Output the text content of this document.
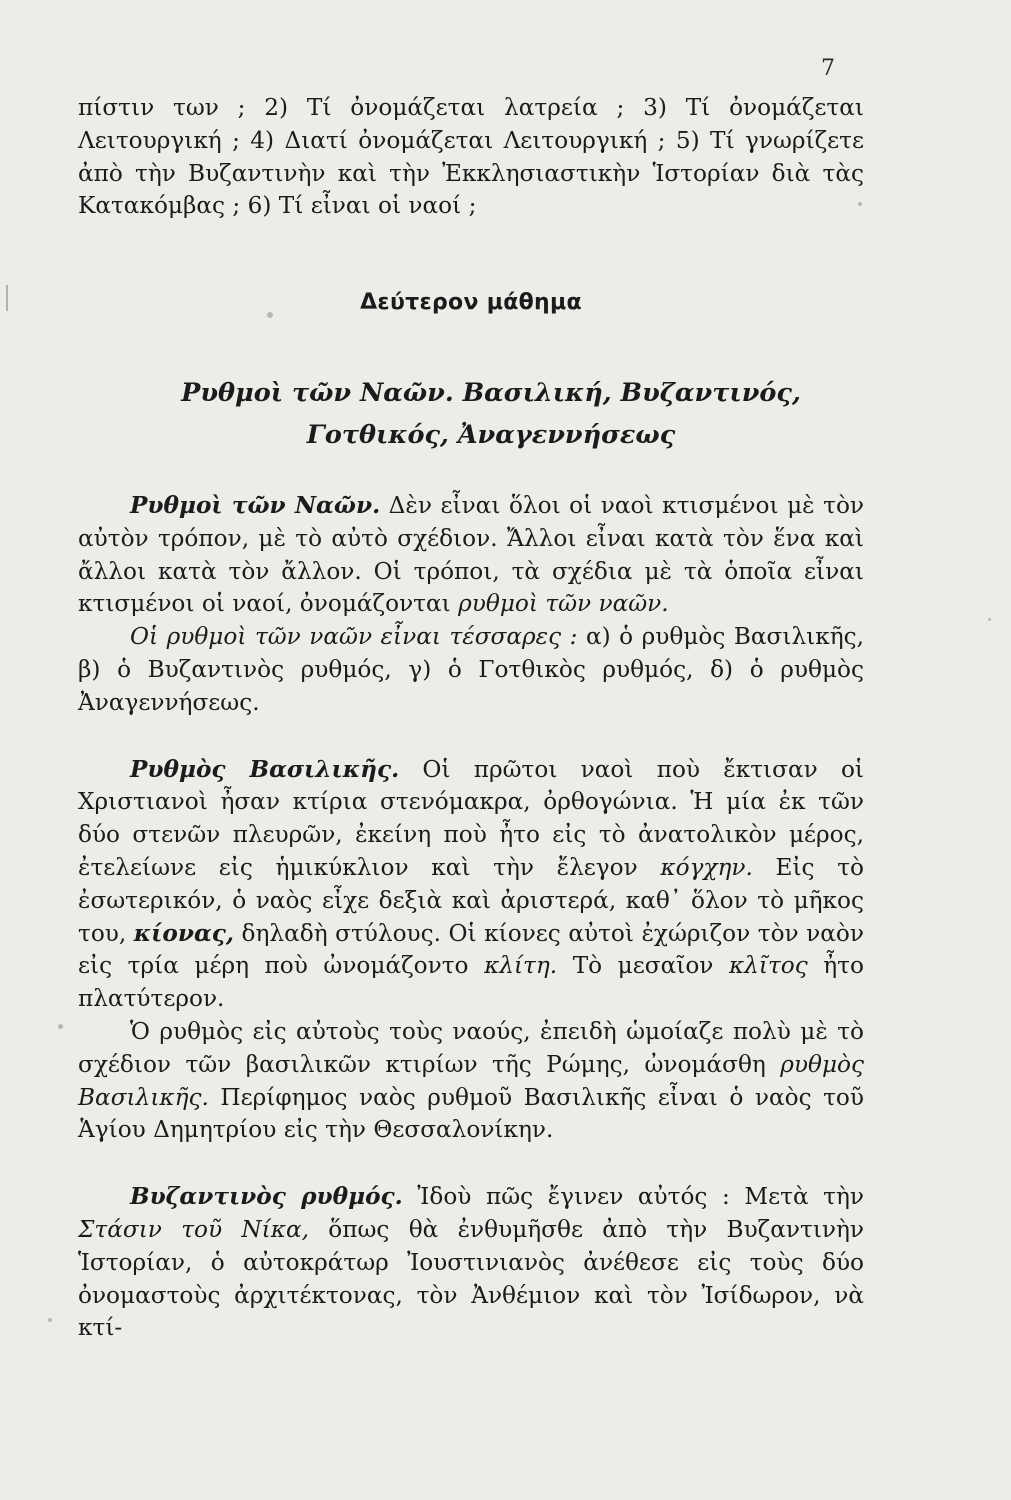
7

πίστιν των ; 2) Τί ὀνομάζεται λατρεία ; 3) Τί ὀνομάζεται Λειτουργική ; 4) Διατί ὀνομάζεται Λειτουργική ; 5) Τί γνωρίζετε ἀπὸ τὴν Βυζαντινὴν καὶ τὴν Ἐκκλησιαστικὴν Ἱστορίαν διὰ τὰς Κατακόμβας ; 6) Τί εἶναι οἱ ναοί ;

Δεύτερον μάθημα

Ρυθμοὶ τῶν Ναῶν. Βασιλική, Βυζαντινός,
Γοτθικός, Ἀναγεννήσεως

Ρυθμοὶ τῶν Ναῶν. Δὲν εἶναι ὅλοι οἱ ναοὶ κτισμένοι μὲ τὸν αὐτὸν τρόπον, μὲ τὸ αὐτὸ σχέδιον. Ἄλλοι εἶναι κατὰ τὸν ἕνα καὶ ἄλλοι κατὰ τὸν ἄλλον. Οἱ τρόποι, τὰ σχέδια μὲ τὰ ὁποῖα εἶναι κτισμένοι οἱ ναοί, ὀνομάζονται ρυθμοὶ τῶν ναῶν.

Οἱ ρυθμοὶ τῶν ναῶν εἶναι τέσσαρες : α) ὁ ρυθμὸς Βασιλικῆς, β) ὁ Βυζαντινὸς ρυθμός, γ) ὁ Γοτθικὸς ρυθμός, δ) ὁ ρυθμὸς Ἀναγεννήσεως.

Ρυθμὸς Βασιλικῆς. Οἱ πρῶτοι ναοὶ ποὺ ἔκτισαν οἱ Χριστιανοὶ ἦσαν κτίρια στενόμακρα, ὀρθογώνια. Ἡ μία ἐκ τῶν δύο στενῶν πλευρῶν, ἐκείνη ποὺ ἦτο εἰς τὸ ἀνατολικὸν μέρος, ἐτελείωνε εἰς ἡμικύκλιον καὶ τὴν ἔλεγον κόγχην. Εἰς τὸ ἐσωτερικόν, ὁ ναὸς εἶχε δεξιὰ καὶ ἀριστερά, καθ᾽ ὅλον τὸ μῆκος του, κίονας, δηλαδὴ στύλους. Οἱ κίονες αὐτοὶ ἐχώριζον τὸν ναὸν εἰς τρία μέρη ποὺ ὠνομάζοντο κλίτη. Τὸ μεσαῖον κλῖτος ἦτο πλατύτερον.

Ὁ ρυθμὸς εἰς αὐτοὺς τοὺς ναούς, ἐπειδὴ ὡμοίαζε πολὺ μὲ τὸ σχέδιον τῶν βασιλικῶν κτιρίων τῆς Ρώμης, ὠνομάσθη ρυθμὸς Βασιλικῆς. Περίφημος ναὸς ρυθμοῦ Βασιλικῆς εἶναι ὁ ναὸς τοῦ Ἁγίου Δημητρίου εἰς τὴν Θεσσαλονίκην.

Βυζαντινὸς ρυθμός. Ἰδοὺ πῶς ἔγινεν αὐτός : Μετὰ τὴν Στάσιν τοῦ Νίκα, ὅπως θὰ ἐνθυμῆσθε ἀπὸ τὴν Βυζαντινὴν Ἱστορίαν, ὁ αὐτοκράτωρ Ἰουστινιανὸς ἀνέθεσε εἰς τοὺς δύο ὀνομαστοὺς ἀρχιτέκτονας, τὸν Ἀνθέμιον καὶ τὸν Ἰσίδωρον, νὰ κτί-
